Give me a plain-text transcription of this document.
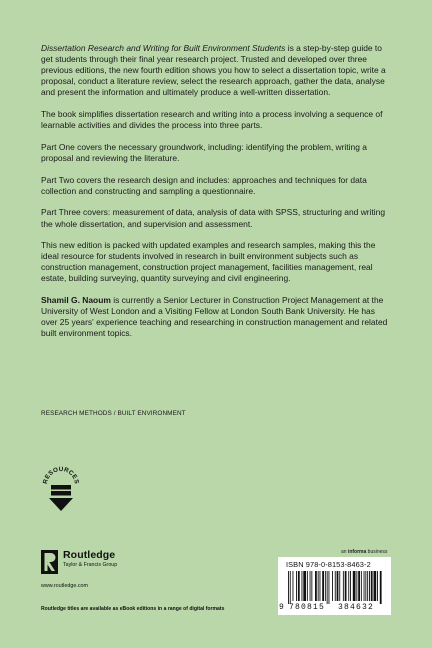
Dissertation Research and Writing for Built Environment Students is a step-by-step guide to get students through their final year research project. Trusted and developed over three previous editions, the new fourth edition shows you how to select a dissertation topic, write a proposal, conduct a literature review, select the research approach, gather the data, analyse and present the information and ultimately produce a well-written dissertation.

The book simplifies dissertation research and writing into a process involving a sequence of learnable activities and divides the process into three parts.

Part One covers the necessary groundwork, including: identifying the problem, writing a proposal and reviewing the literature.

Part Two covers the research design and includes: approaches and techniques for data collection and constructing and sampling a questionnaire.

Part Three covers: measurement of data, analysis of data with SPSS, structuring and writing the whole dissertation, and supervision and assessment.

This new edition is packed with updated examples and research samples, making this the ideal resource for students involved in research in built environment subjects such as construction management, construction project management, facilities management, real estate, building surveying, quantity surveying and civil engineering.

Shamil G. Naoum is currently a Senior Lecturer in Construction Project Management at the University of West London and a Visiting Fellow at London South Bank University. He has over 25 years' experience teaching and researching in construction management and related built environment topics.

RESEARCH METHODS / BUILT ENVIRONMENT
RESOURCES
Routledge
Taylor & Francis Group
www.routledge.com
Routledge titles are available as eBook editions in a range of digital formats
an informa business
ISBN 978-0-8153-8463-2
9 780815 384632
